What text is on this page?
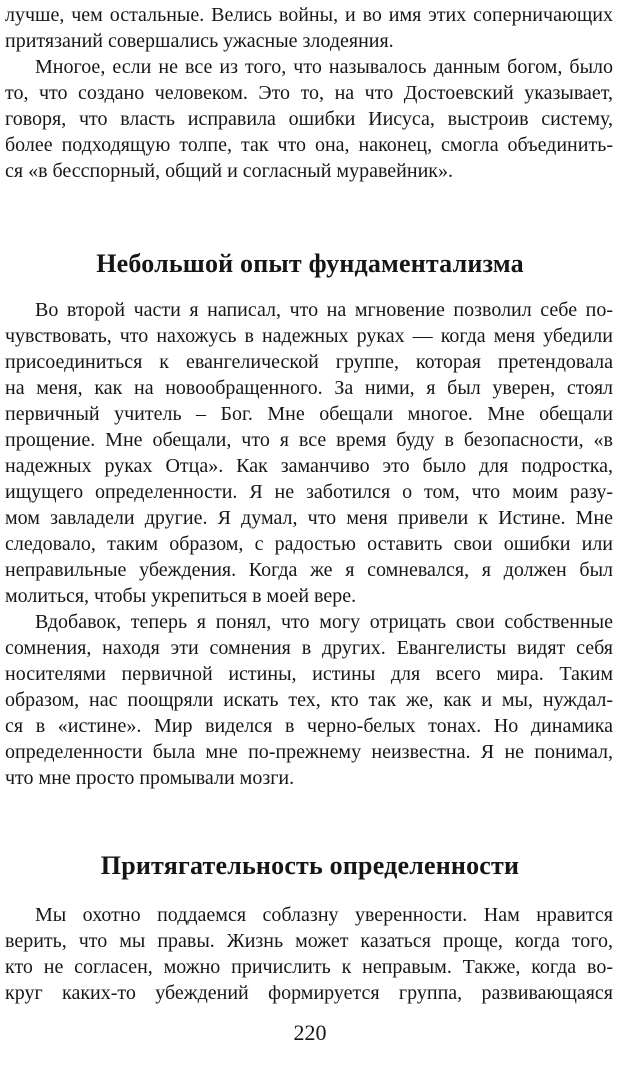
лучше, чем остальные. Велись войны, и во имя этих соперничающих
притязаний совершались ужасные злодеяния.
Многое, если не все из того, что называлось данным богом, было
то, что создано человеком. Это то, на что Достоевский указывает,
говоря, что власть исправила ошибки Иисуса, выстроив систему,
более подходящую толпе, так что она, наконец, смогла объединить-
ся «в бесспорный, общий и согласный муравейник».
Небольшой опыт фундаментализма
Во второй части я написал, что на мгновение позволил себе по-
чувствовать, что нахожусь в надежных руках — когда меня убедили
присоединиться к евангелической группе, которая претендовала
на меня, как на новообращенного. За ними, я был уверен, стоял
первичный учитель – Бог. Мне обещали многое. Мне обещали
прощение. Мне обещали, что я все время буду в безопасности, «в
надежных руках Отца». Как заманчиво это было для подростка,
ищущего определенности. Я не заботился о том, что моим разу-
мом завладели другие. Я думал, что меня привели к Истине. Мне
следовало, таким образом, с радостью оставить свои ошибки или
неправильные убеждения. Когда же я сомневался, я должен был
молиться, чтобы укрепиться в моей вере.
Вдобавок, теперь я понял, что могу отрицать свои собственные
сомнения, находя эти сомнения в других. Евангелисты видят себя
носителями первичной истины, истины для всего мира. Таким
образом, нас поощряли искать тех, кто так же, как и мы, нуждал-
ся в «истине». Мир виделся в черно-белых тонах. Но динамика
определенности была мне по-прежнему неизвестна. Я не понимал,
что мне просто промывали мозги.
Притягательность определенности
Мы охотно поддаемся соблазну уверенности. Нам нравится
верить, что мы правы. Жизнь может казаться проще, когда того,
кто не согласен, можно причислить к неправым. Также, когда во-
круг каких-то убеждений формируется группа, развивающаяся
220
